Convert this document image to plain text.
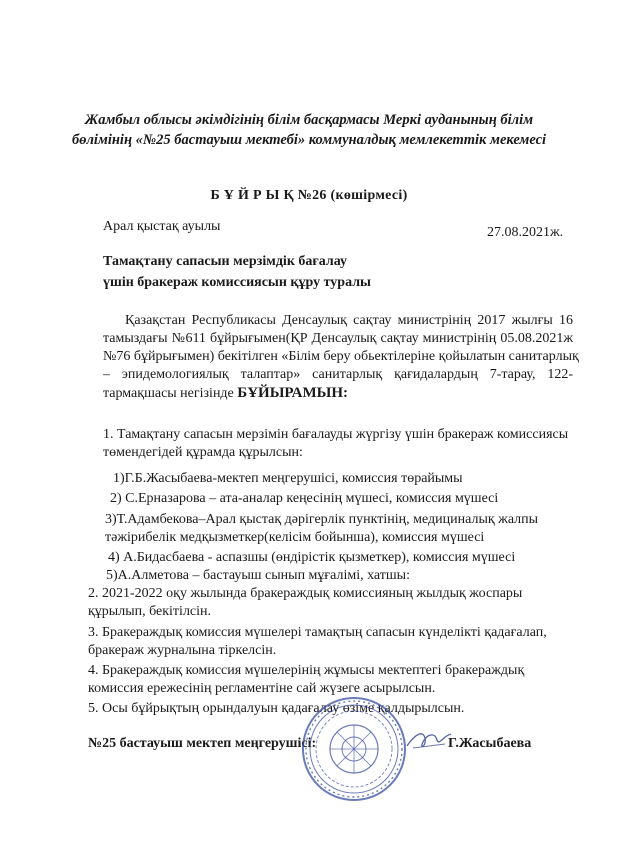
Жамбыл облысы әкімдігінің білім басқармасы Меркі ауданының білім
бөлімінің «№25 бастауыш мектебі» коммуналдық мемлекеттік мекемесі
Б Ұ Й Р Ы Қ №26 (көшірмесі)
Арал қыстақ ауылы	27.08.2021ж.
Тамақтану сапасын мерзімдік бағалау
үшін бракераж комиссиясын құру туралы
Қазақстан Республикасы Денсаулық сақтау министрінің 2017 жылғы 16
тамыздағы №611 бұйрығымен(ҚР Денсаулық сақтау министрінің 05.08.2021ж
№76 бұйрығымен) бекітілген «Білім беру обьектілеріне қойылатын санитарлық
– эпидемологиялық талаптар» санитарлық қағидалардың 7-тарау, 122-
тармақшасы негізінде БҰЙЫРАМЫН:
1. Тамақтану сапасын мерзімін бағалауды жүргізу үшін бракераж комиссиясы
төмендегідей құрамда құрылсын:
1)Г.Б.Жасыбаева-мектеп меңгерушісі, комиссия төрайымы
2) С.Ерназарова – ата-аналар кеңесінің мүшесі, комиссия мүшесі
3)Т.Адамбекова–Арал қыстақ дәрігерлік пунктінің, медициналық жалпы
тәжірибелік медқызметкер(келісім бойынша), комиссия мүшесі
4) А.Бидасбаева - аспазшы (өндірістік қызметкер), комиссия мүшесі
5)А.Алметова – бастауыш сынып мұғалімі, хатшы:
2. 2021-2022 оқу жылында бракераждық комиссияның жылдық жоспары
құрылып, бекітілсін.
3. Бракераждық комиссия мүшелері тамақтың сапасын күнделікті қадағалап,
бракераж журналына тіркелсін.
4. Бракераждық комиссия мүшелерінің жұмысы мектептегі бракераждық
комиссия ережесінің регламентіне сай жүзеге асырылсын.
5. Осы бұйрықтың орындалуын қадағалау өзіме қалдырылсын.
№25 бастауыш мектеп меңгерушісі:	Г.Жасыбаева
